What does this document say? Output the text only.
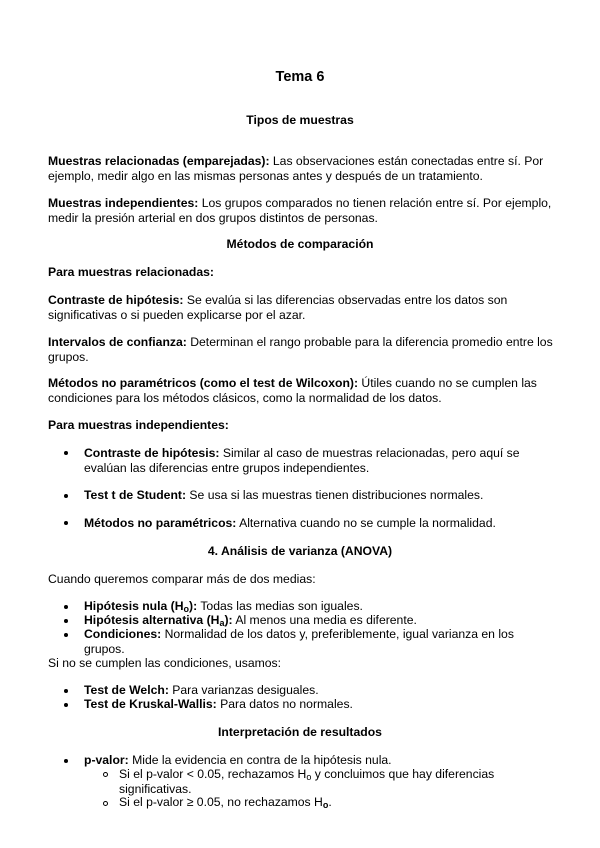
Tema 6
Tipos de muestras
Muestras relacionadas (emparejadas): Las observaciones están conectadas entre sí. Por ejemplo, medir algo en las mismas personas antes y después de un tratamiento.
Muestras independientes: Los grupos comparados no tienen relación entre sí. Por ejemplo, medir la presión arterial en dos grupos distintos de personas.
Métodos de comparación
Para muestras relacionadas:
Contraste de hipótesis: Se evalúa si las diferencias observadas entre los datos son significativas o si pueden explicarse por el azar.
Intervalos de confianza: Determinan el rango probable para la diferencia promedio entre los grupos.
Métodos no paramétricos (como el test de Wilcoxon): Útiles cuando no se cumplen las condiciones para los métodos clásicos, como la normalidad de los datos.
Para muestras independientes:
Contraste de hipótesis: Similar al caso de muestras relacionadas, pero aquí se evalúan las diferencias entre grupos independientes.
Test t de Student: Se usa si las muestras tienen distribuciones normales.
Métodos no paramétricos: Alternativa cuando no se cumple la normalidad.
4. Análisis de varianza (ANOVA)
Cuando queremos comparar más de dos medias:
Hipótesis nula $(H_o)$: Todas las medias son iguales.
Hipótesis alternativa $(H_a)$: Al menos una media es diferente.
Condiciones: Normalidad de los datos y, preferiblemente, igual varianza en los grupos.
Si no se cumplen las condiciones, usamos:
Test de Welch: Para varianzas desiguales.
Test de Kruskal-Wallis: Para datos no normales.
Interpretación de resultados
p-valor: Mide la evidencia en contra de la hipótesis nula.
Si el p-valor < 0.05, rechazamos $H_o$ y concluimos que hay diferencias significativas.
Si el p-valor ≥ 0.05, no rechazamos $H_o$.
